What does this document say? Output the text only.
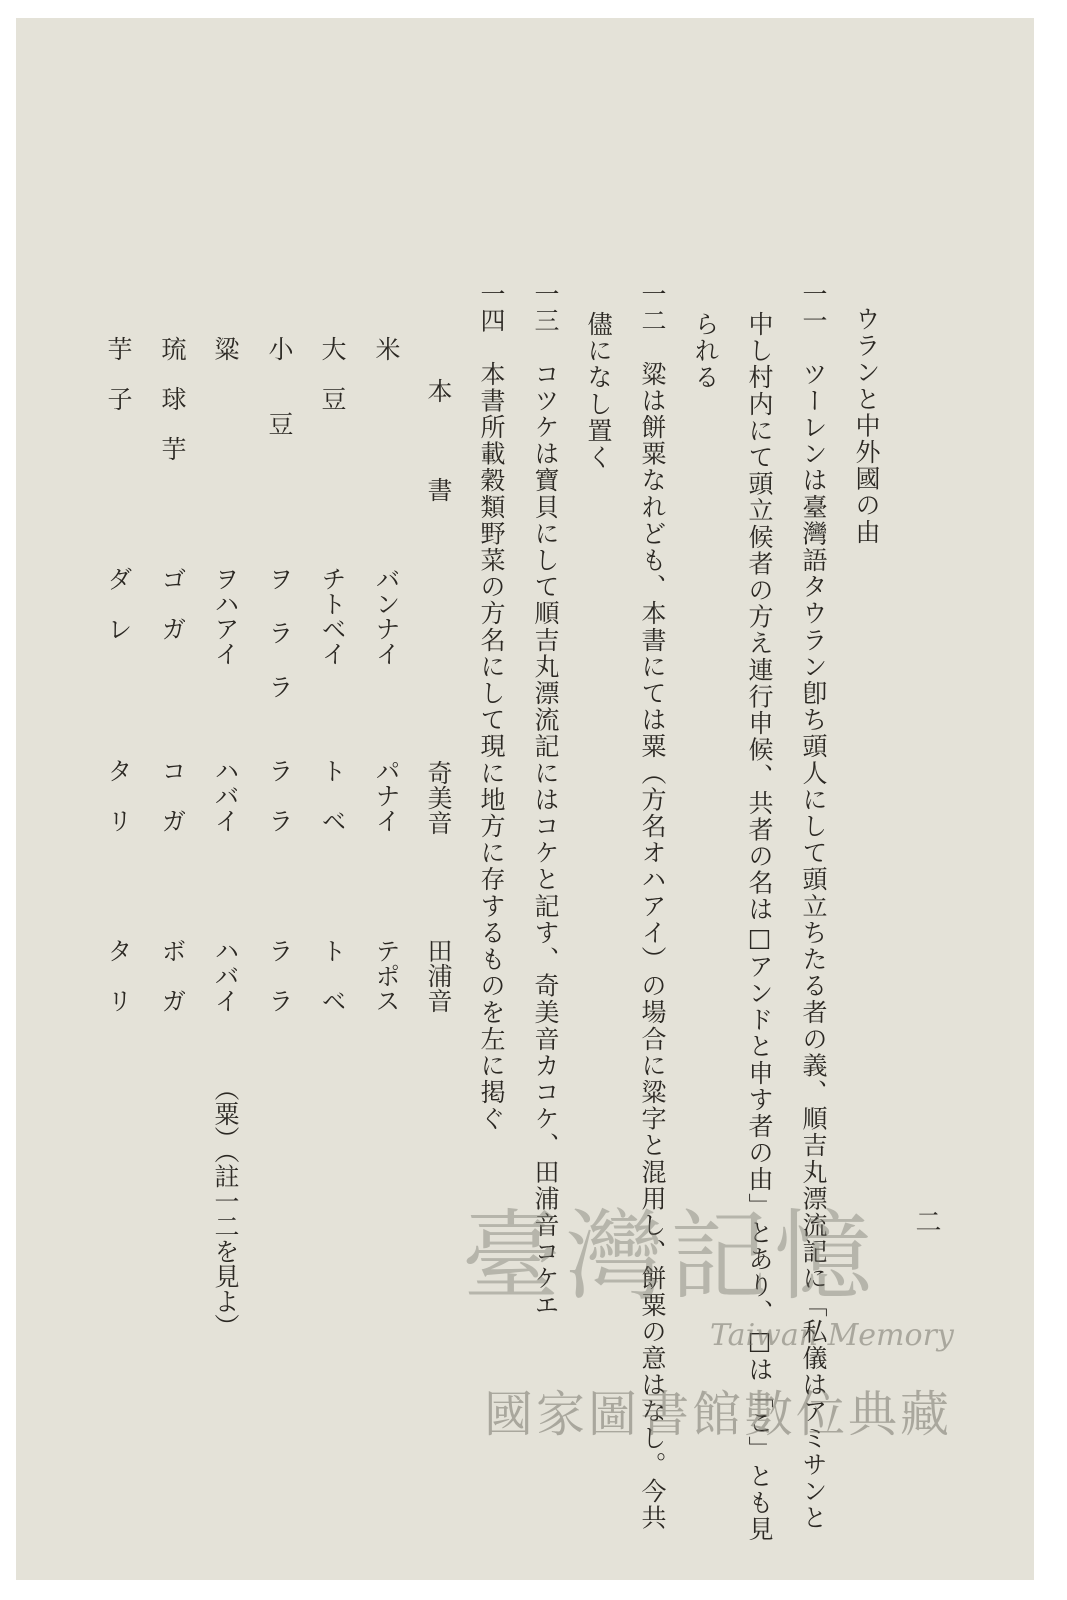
二
ウランと中外國の由
一一　ツーレンは臺灣語タウラン卽ち頭人にして頭立ちたる者の義、順吉丸漂流記に「私儀はアミサンと
中し村内にて頭立候者の方え連行申候、共者の名は□アンドと申す者の由」とあり、□は「こ」とも見
られる
一二　粱は餅粟なれども、本書にては粟（方名オハアイ）の場合に粱字と混用し、餅粟の意はなし。今共
儘になし置く
一三　コツケは寶貝にして順吉丸漂流記にはコケと記す、奇美音カコケ、田浦音コケエ
一四　本書所載穀類野菜の方名にして現に地方に存するものを左に掲ぐ
本　　書
奇美音
田浦音
米
バンナイ
パナイ
テポス
大　豆
チトベイ
ト　ベ
ト　ベ
小　　豆
ヲ ラ ラ
ラ　ラ
ラ　ラ
粱
ヲハアイ
ハバイ
ハバイ
（粟）（註一二を見よ）
琉　球　芋
ゴ　ガ
コ　ガ
ボ　ガ
芋　子
ダ　レ
タ　リ
タ　リ
臺灣記憶
Taiwan Memory
國家圖書館數位典藏
